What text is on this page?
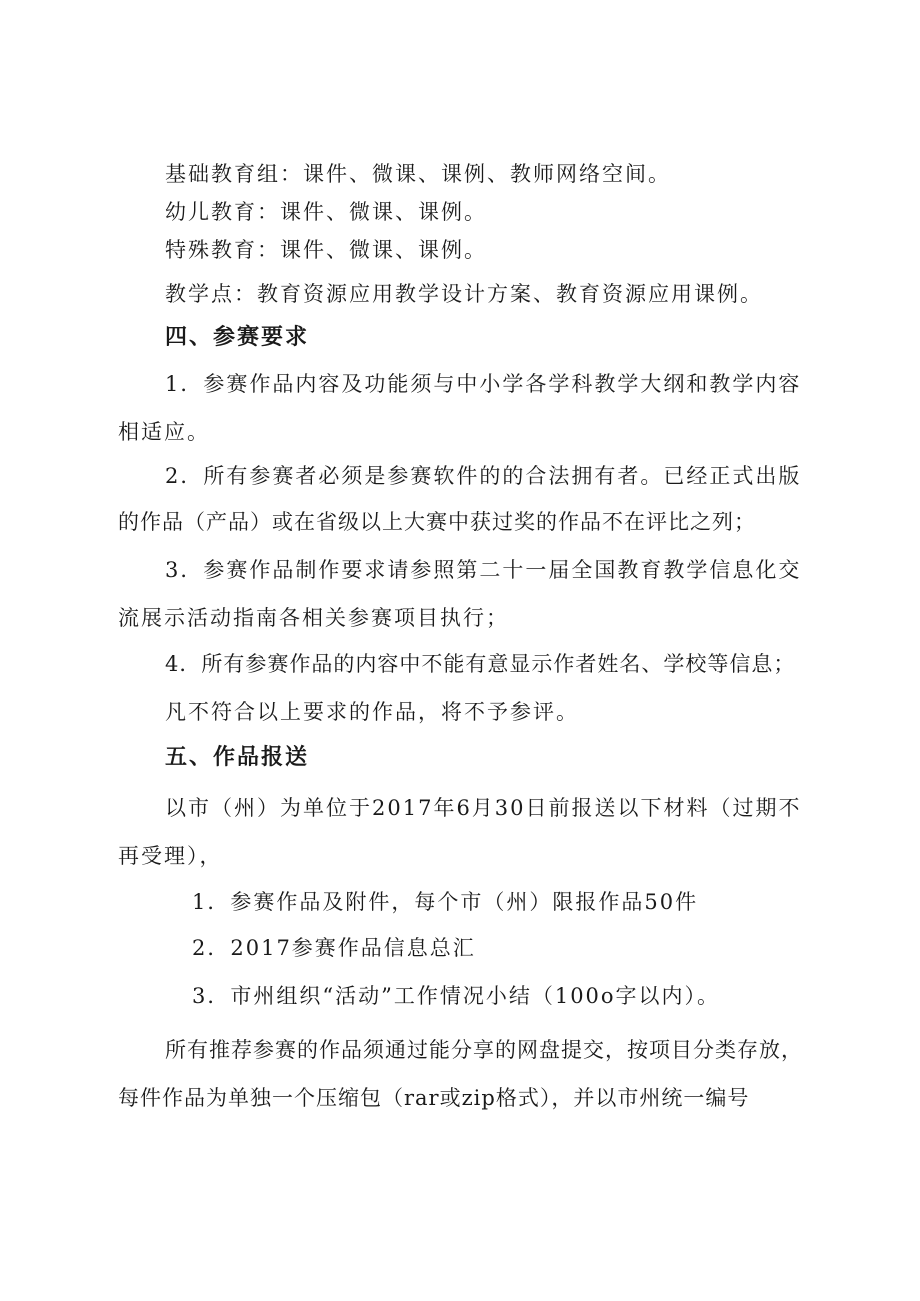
基础教育组：课件、微课、课例、教师网络空间。
幼儿教育：课件、微课、课例。
特殊教育：课件、微课、课例。
教学点：教育资源应用教学设计方案、教育资源应用课例。
四、参赛要求
1．参赛作品内容及功能须与中小学各学科教学大纲和教学内容
相适应。
2．所有参赛者必须是参赛软件的的合法拥有者。已经正式出版
的作品（产品）或在省级以上大赛中获过奖的作品不在评比之列；
3．参赛作品制作要求请参照第二十一届全国教育教学信息化交
流展示活动指南各相关参赛项目执行；
4．所有参赛作品的内容中不能有意显示作者姓名、学校等信息；
凡不符合以上要求的作品，将不予参评。
五、作品报送
以市（州）为单位于2017年6月30日前报送以下材料（过期不
再受理），
1．参赛作品及附件，每个市（州）限报作品50件
2．2017参赛作品信息总汇
3．市州组织“活动”工作情况小结（100o字以内）。
所有推荐参赛的作品须通过能分享的网盘提交，按项目分类存放，
每件作品为单独一个压缩包（rar或zip格式），并以市州统一编号
